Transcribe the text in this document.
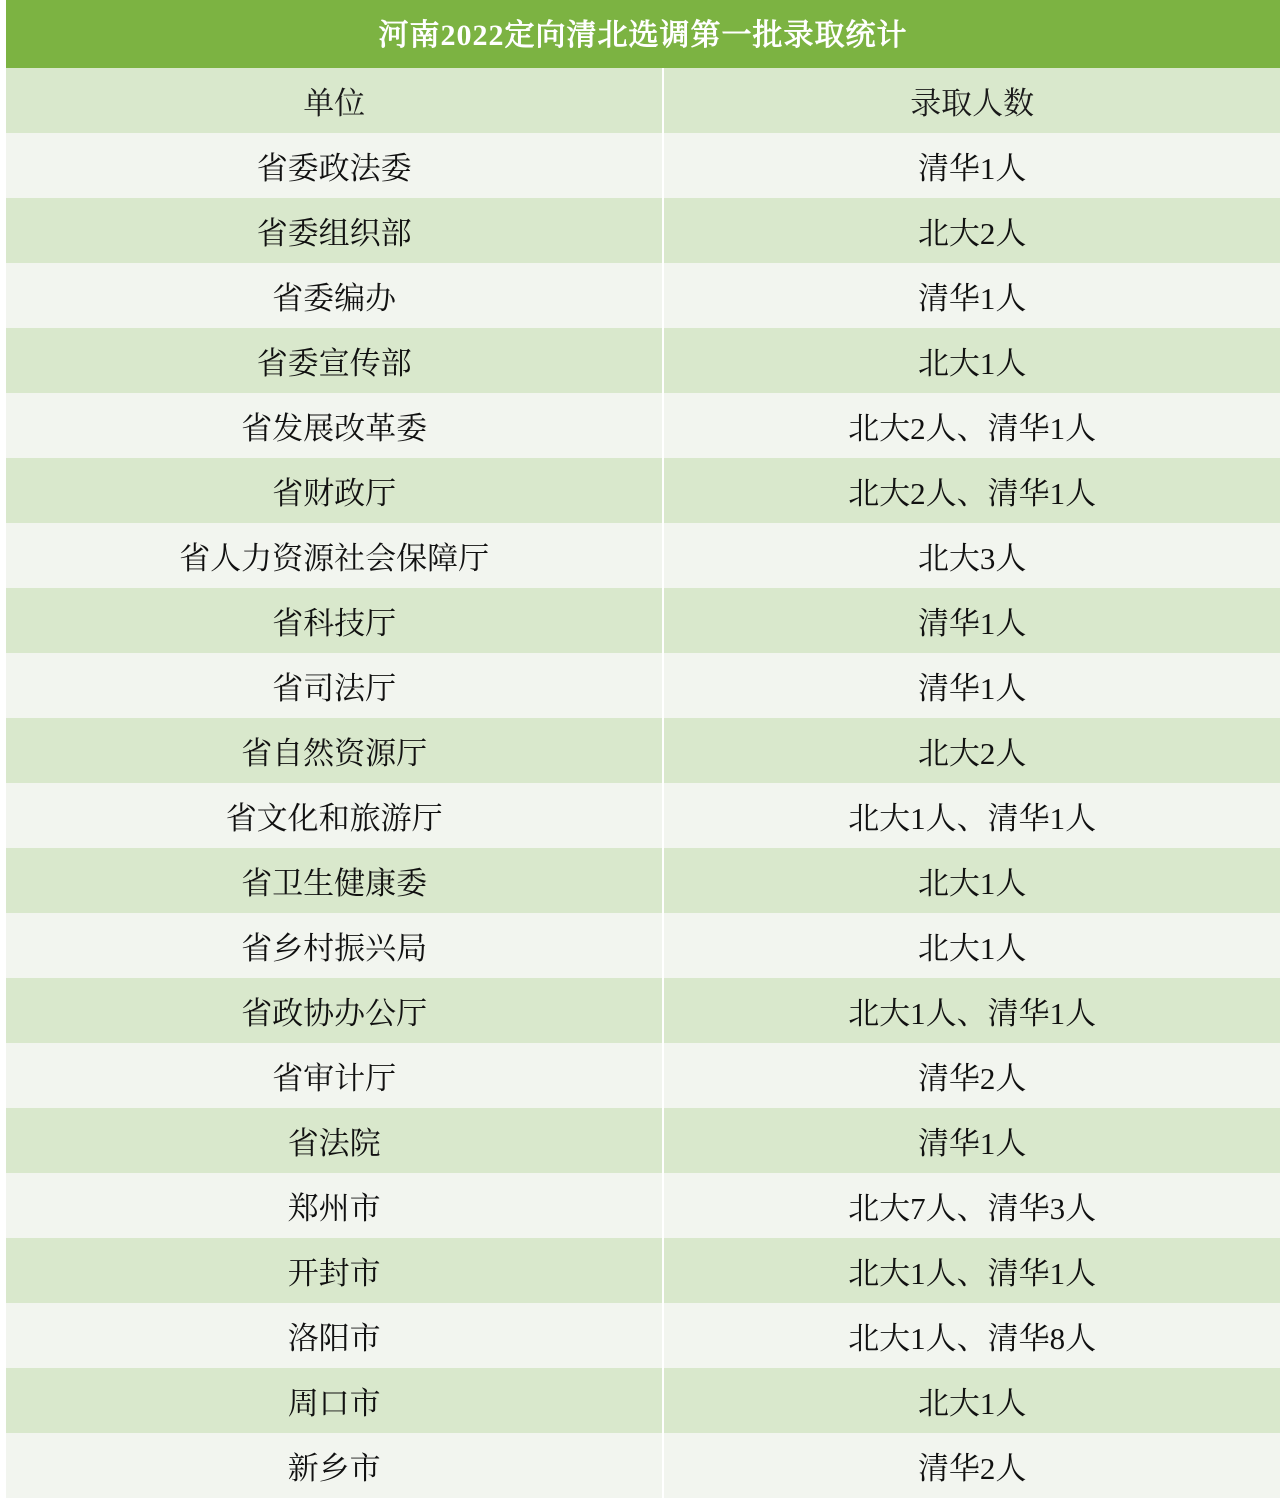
河南2022定向清北选调第一批录取统计	
单位	录取人数
省委政法委	清华1人
省委组织部	北大2人
省委编办	清华1人
省委宣传部	北大1人
省发展改革委	北大2人、清华1人
省财政厅	北大2人、清华1人
省人力资源社会保障厅	北大3人
省科技厅	清华1人
省司法厅	清华1人
省自然资源厅	北大2人
省文化和旅游厅	北大1人、清华1人
省卫生健康委	北大1人
省乡村振兴局	北大1人
省政协办公厅	北大1人、清华1人
省审计厅	清华2人
省法院	清华1人
郑州市	北大7人、清华3人
开封市	北大1人、清华1人
洛阳市	北大1人、清华8人
周口市	北大1人
新乡市	清华2人
